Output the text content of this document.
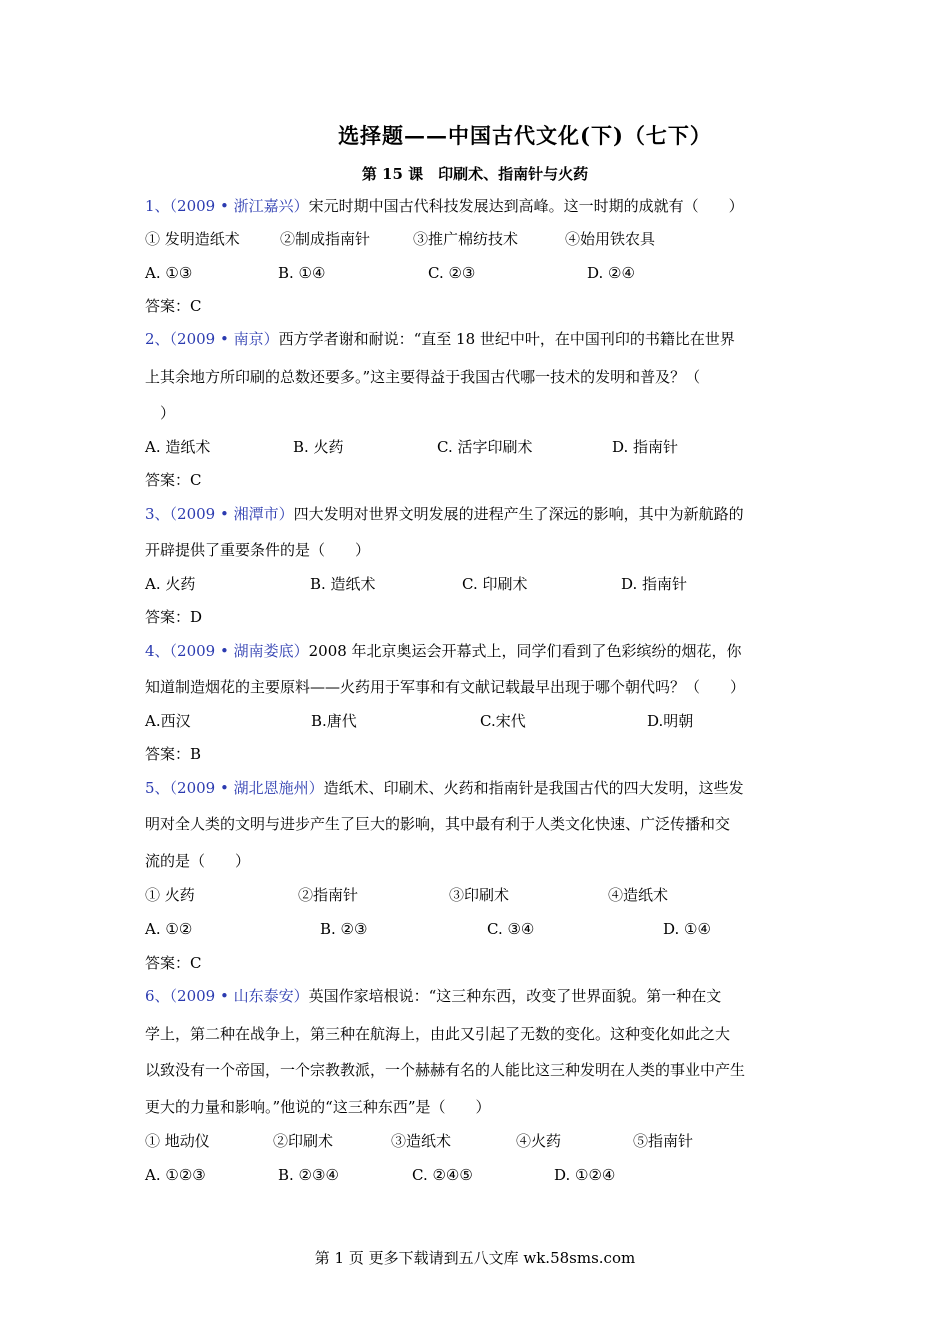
选择题——中国古代文化(下)（七下）
第 15 课　印刷术、指南针与火药
1、（2009 • 浙江嘉兴）宋元时期中国古代科技发展达到高峰。这一时期的成就有（　　）
① 发明造纸术	②制成指南针	③推广棉纺技术	④始用铁农具
A. ①③	B. ①④	C. ②③	D. ②④
答案：C
2、（2009 • 南京）西方学者谢和耐说：“直至 18 世纪中叶，在中国刊印的书籍比在世界
上其余地方所印刷的总数还要多。”这主要得益于我国古代哪一技术的发明和普及？（
　）
A. 造纸术	B. 火药	C. 活字印刷术	D. 指南针
答案：C
3、（2009 • 湘潭市）四大发明对世界文明发展的进程产生了深远的影响，其中为新航路的
开辟提供了重要条件的是（　　）
A. 火药	B. 造纸术	C. 印刷术	D. 指南针
答案：D
4、（2009 • 湖南娄底）2008 年北京奥运会开幕式上，同学们看到了色彩缤纷的烟花，你
知道制造烟花的主要原料——火药用于军事和有文献记载最早出现于哪个朝代吗？（　　）
A.西汉	B.唐代	C.宋代	D.明朝
答案：B
5、（2009 • 湖北恩施州）造纸术、印刷术、火药和指南针是我国古代的四大发明，这些发
明对全人类的文明与进步产生了巨大的影响，其中最有利于人类文化快速、广泛传播和交
流的是（　　）
① 火药	②指南针	③印刷术	④造纸术
A. ①②	B. ②③	C. ③④	D. ①④
答案：C
6、（2009 • 山东泰安）英国作家培根说：“这三种东西，改变了世界面貌。第一种在文
学上，第二种在战争上，第三种在航海上，由此又引起了无数的变化。这种变化如此之大
以致没有一个帝国，一个宗教教派，一个赫赫有名的人能比这三种发明在人类的事业中产生
更大的力量和影响。”他说的“这三种东西”是（　　）
① 地动仪	②印刷术	③造纸术	④火药	⑤指南针
A. ①②③	B. ②③④	C. ②④⑤	D. ①②④
第 1 页 更多下载请到五八文库 wk.58sms.com
